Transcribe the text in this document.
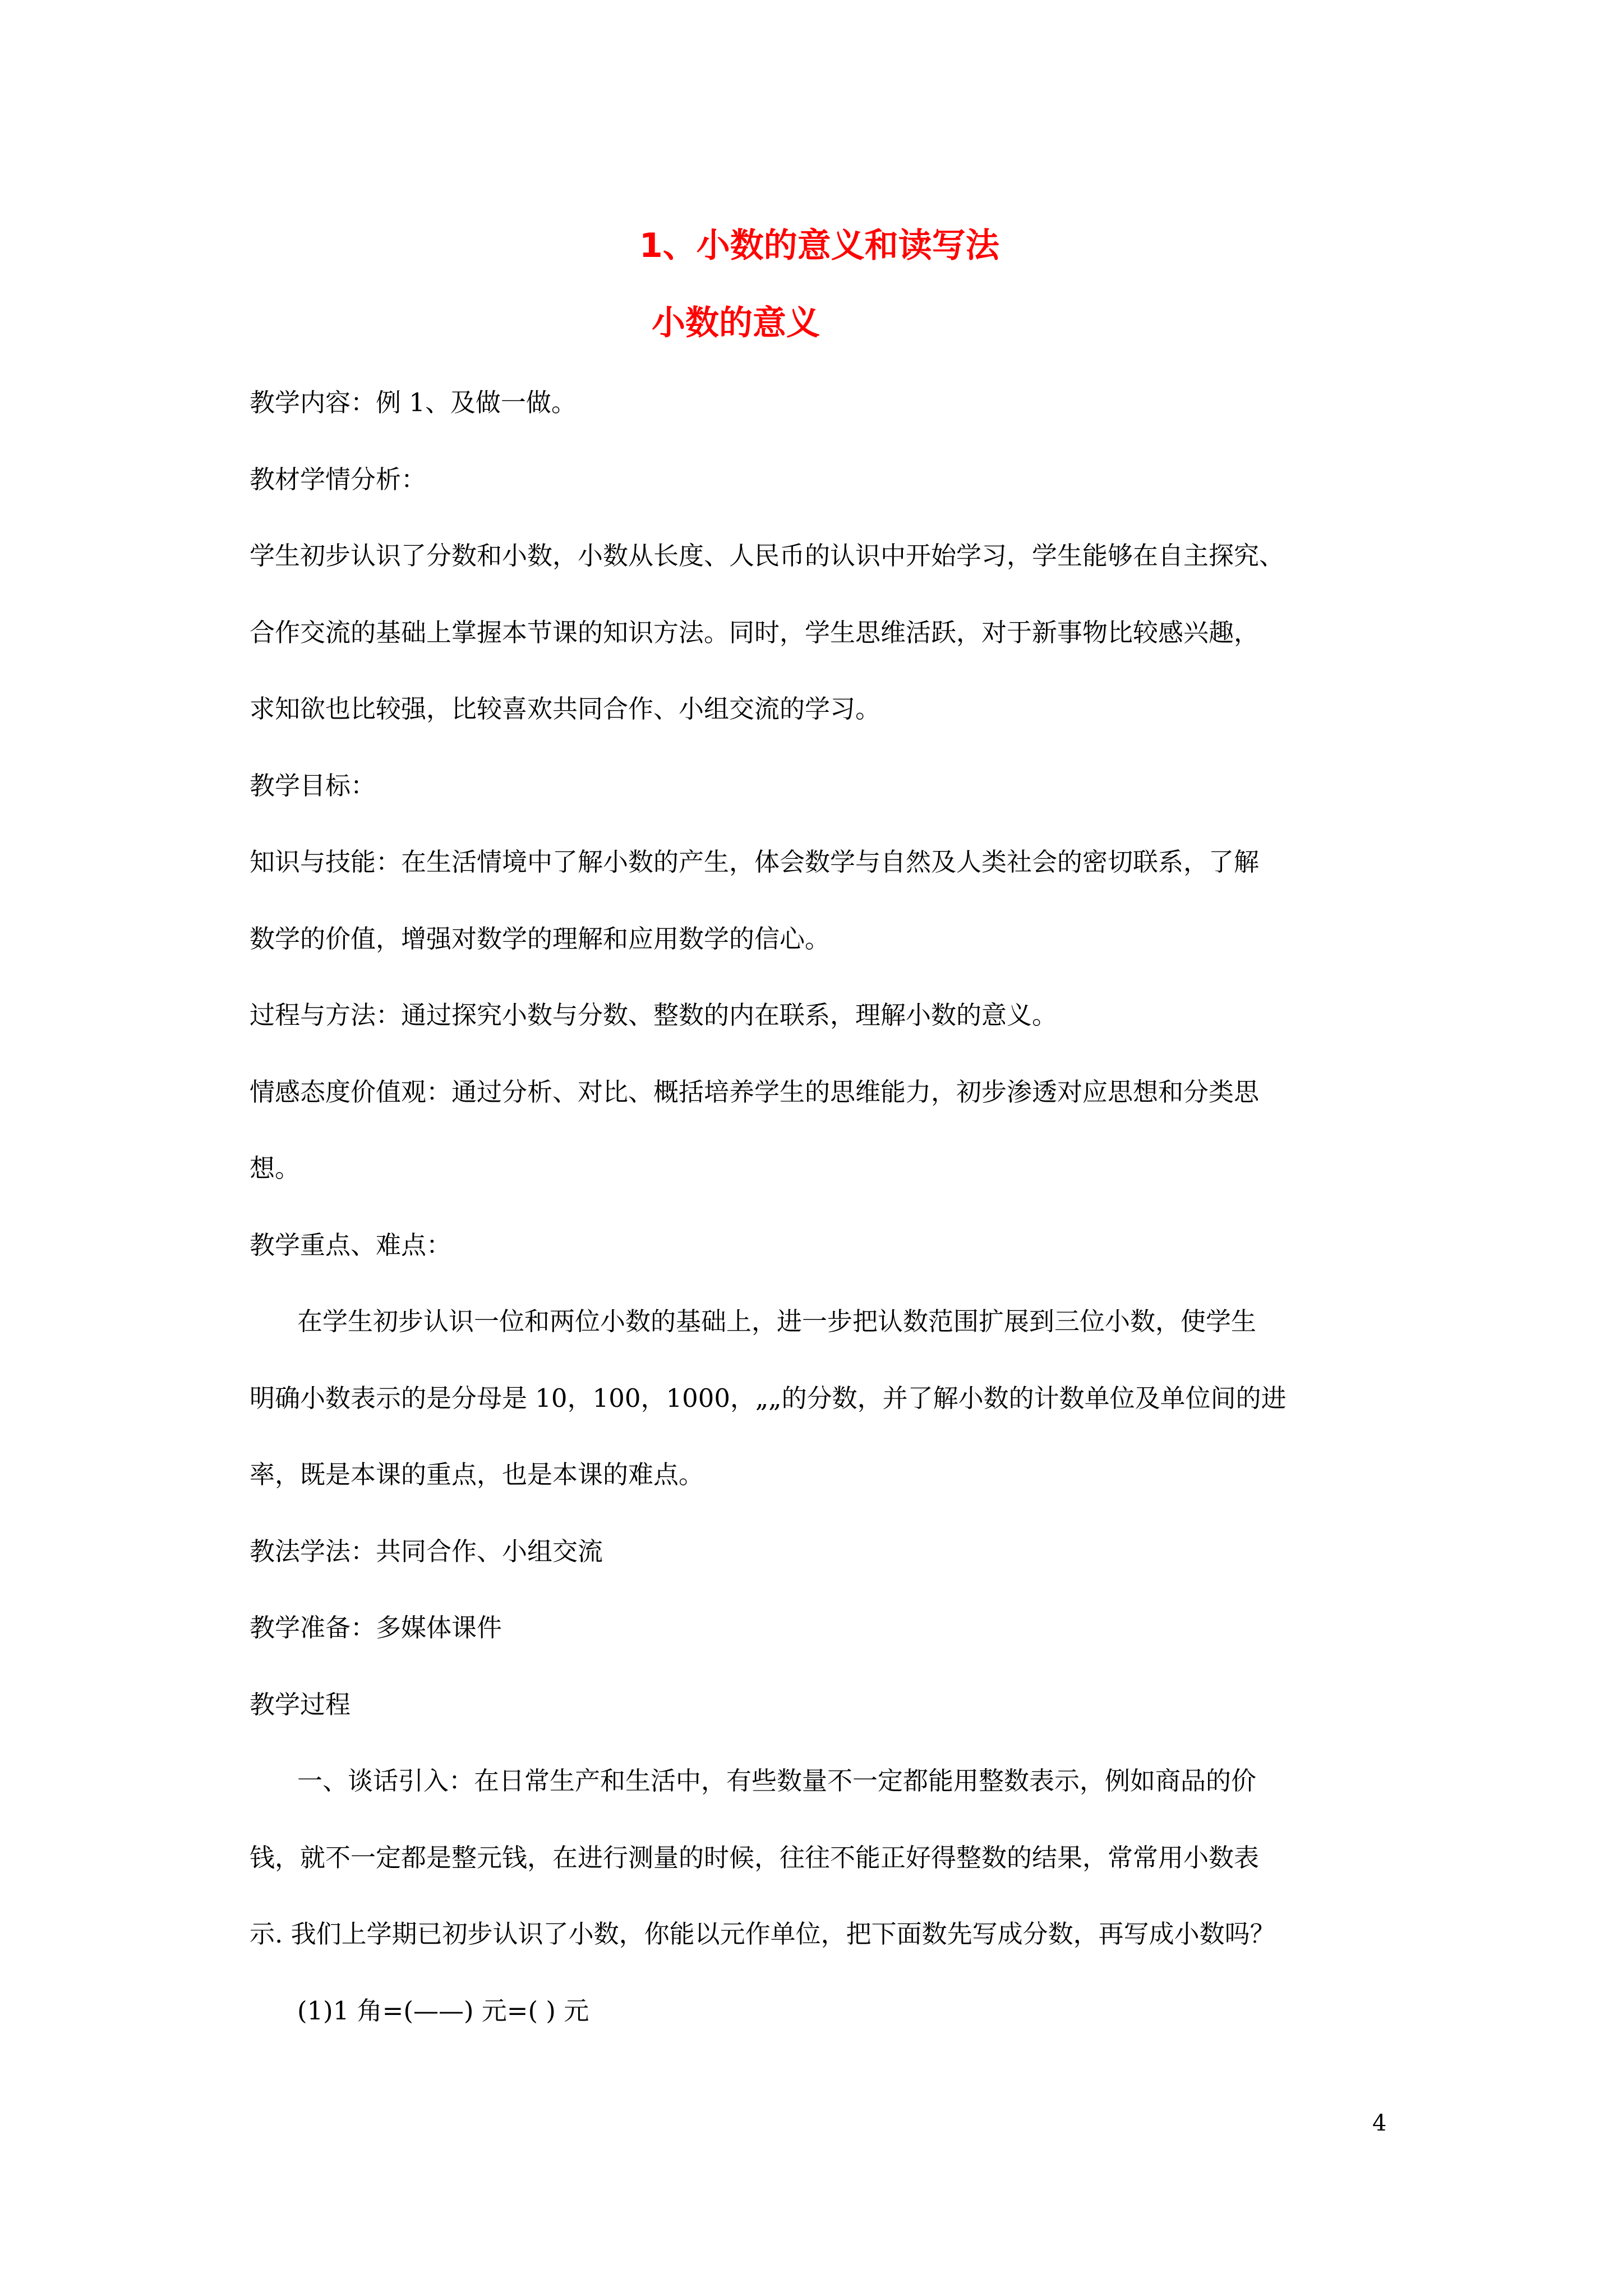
1、小数的意义和读写法
小数的意义
教学内容：例 1、及做一做。
教材学情分析：
学生初步认识了分数和小数，小数从长度、人民币的认识中开始学习，学生能够在自主探究、
合作交流的基础上掌握本节课的知识方法。同时，学生思维活跃，对于新事物比较感兴趣，
求知欲也比较强，比较喜欢共同合作、小组交流的学习。
教学目标：
知识与技能：在生活情境中了解小数的产生，体会数学与自然及人类社会的密切联系，了解
数学的价值，增强对数学的理解和应用数学的信心。
过程与方法：通过探究小数与分数、整数的内在联系，理解小数的意义。
情感态度价值观：通过分析、对比、概括培养学生的思维能力，初步渗透对应思想和分类思
想。
教学重点、难点：
在学生初步认识一位和两位小数的基础上，进一步把认数范围扩展到三位小数，使学生
明确小数表示的是分母是 10，100，1000，„„的分数，并了解小数的计数单位及单位间的进
率，既是本课的重点，也是本课的难点。
教法学法：共同合作、小组交流
教学准备：多媒体课件
教学过程
一、谈话引入：在日常生产和生活中，有些数量不一定都能用整数表示，例如商品的价
钱，就不一定都是整元钱，在进行测量的时候，往往不能正好得整数的结果，常常用小数表
示. 我们上学期已初步认识了小数，你能以元作单位，把下面数先写成分数，再写成小数吗？
(1)1 角=(——) 元=( ) 元
4
